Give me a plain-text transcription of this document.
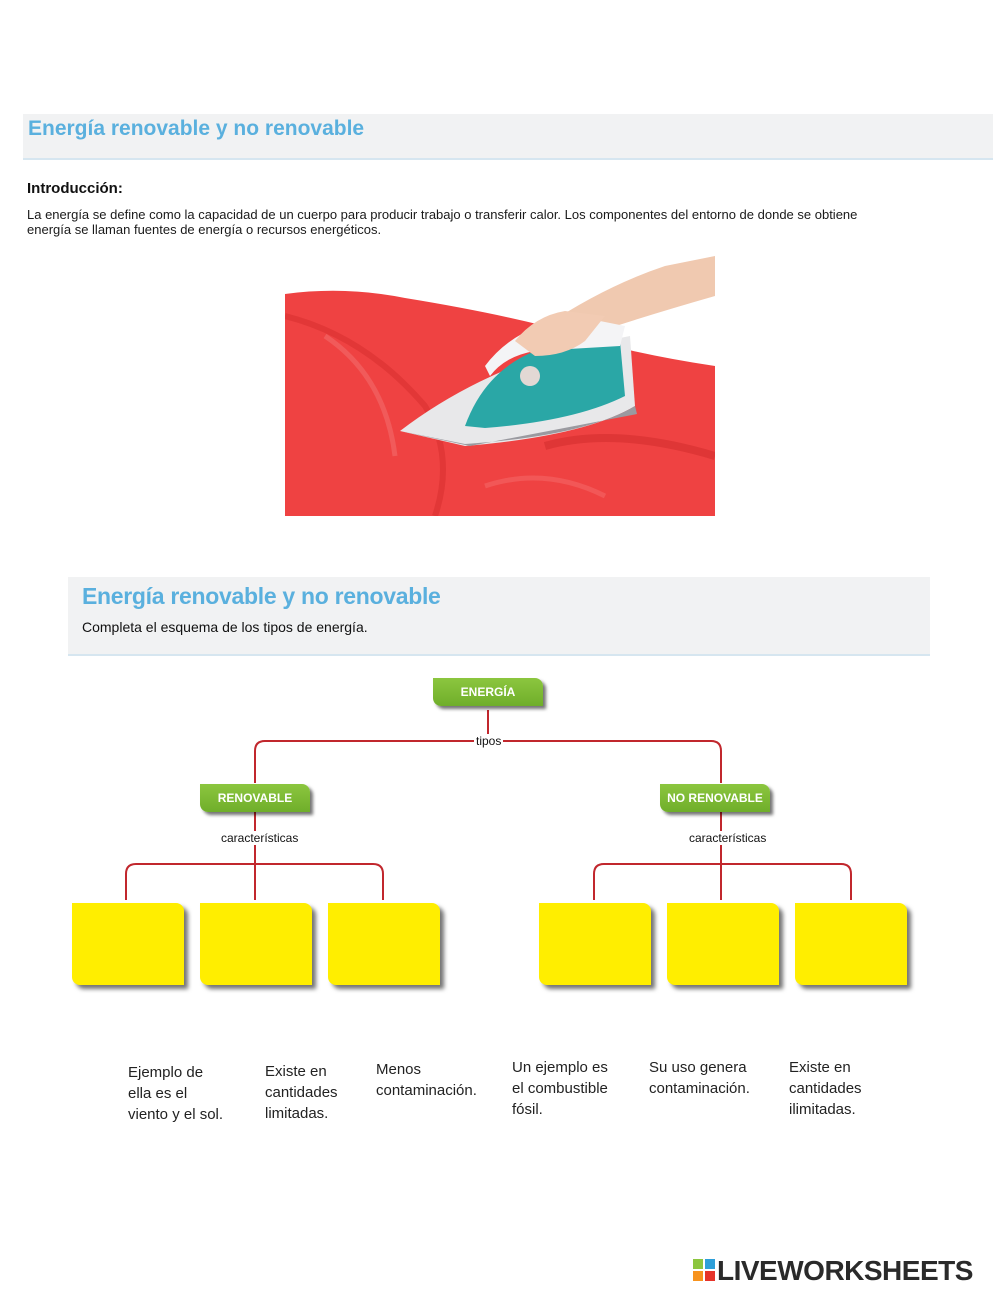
Energía renovable y no renovable
Introducción:
La energía se define como la capacidad de un cuerpo para producir trabajo o transferir calor. Los componentes del entorno de donde se obtiene
energía se llaman fuentes de energía o recursos energéticos.
Energía renovable y no renovable
Completa el esquema de los tipos de energía.
ENERGÍA
tipos
RENOVABLE	NO RENOVABLE
características	características
Ejemplo de
ella es el
viento y el sol.
Existe en
cantidades
limitadas.
Menos
contaminación.
Un ejemplo es
el combustible
fósil.
Su uso genera
contaminación.
Existe en
cantidades
ilimitadas.
LIVEWORKSHEETS
